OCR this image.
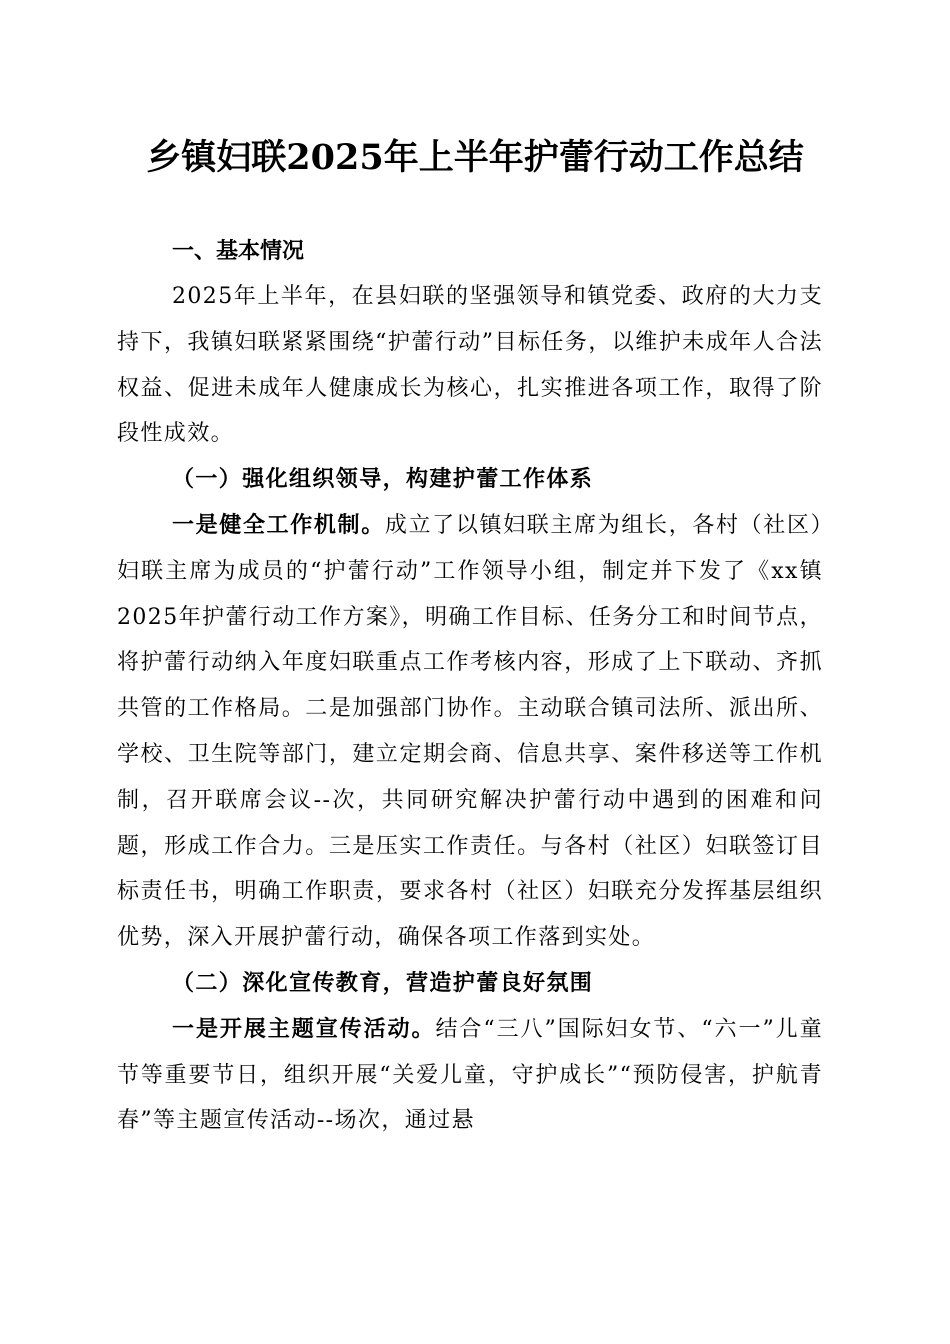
乡镇妇联2025年上半年护蕾行动工作总结
一、基本情况

2025年上半年，在县妇联的坚强领导和镇党委、政府的大力支持下，我镇妇联紧紧围绕“护蕾行动”目标任务，以维护未成年人合法权益、促进未成年人健康成长为核心，扎实推进各项工作，取得了阶段性成效。

（一）强化组织领导，构建护蕾工作体系

一是健全工作机制。成立了以镇妇联主席为组长，各村（社区）妇联主席为成员的“护蕾行动”工作领导小组，制定并下发了《xx镇2025年护蕾行动工作方案》，明确工作目标、任务分工和时间节点，将护蕾行动纳入年度妇联重点工作考核内容，形成了上下联动、齐抓共管的工作格局。二是加强部门协作。主动联合镇司法所、派出所、学校、卫生院等部门，建立定期会商、信息共享、案件移送等工作机制，召开联席会议--次，共同研究解决护蕾行动中遇到的困难和问题，形成工作合力。三是压实工作责任。与各村（社区）妇联签订目标责任书，明确工作职责，要求各村（社区）妇联充分发挥基层组织优势，深入开展护蕾行动，确保各项工作落到实处。

（二）深化宣传教育，营造护蕾良好氛围

一是开展主题宣传活动。结合“三八”国际妇女节、“六一”儿童节等重要节日，组织开展“关爱儿童，守护成长”“预防侵害，护航青春”等主题宣传活动--场次，通过悬
